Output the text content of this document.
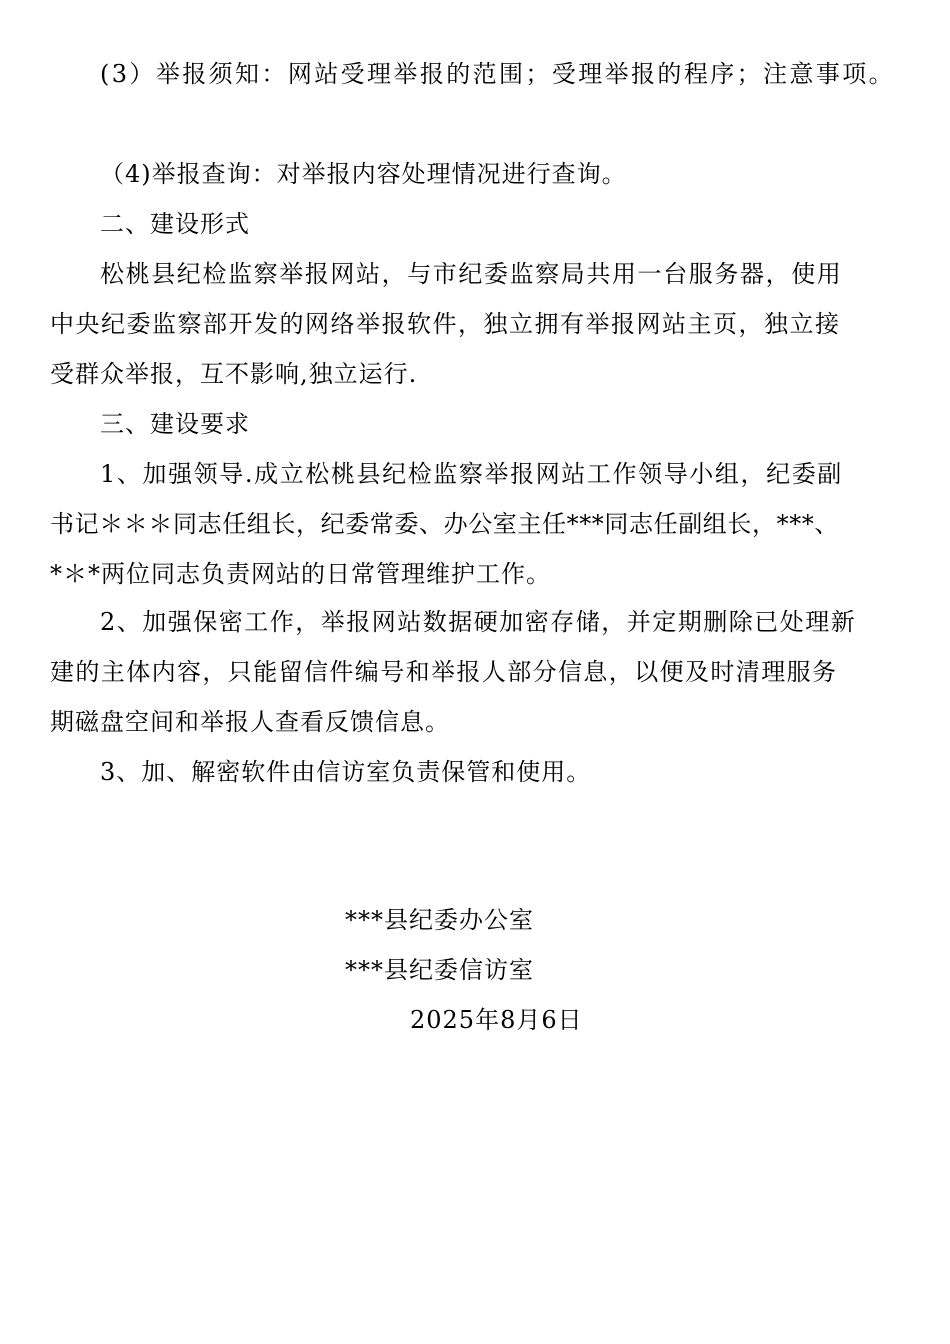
(3）举报须知：网站受理举报的范围；受理举报的程序；注意事项。
（4)举报查询：对举报内容处理情况进行查询。
二、建设形式
松桃县纪检监察举报网站，与市纪委监察局共用一台服务器，使用
中央纪委监察部开发的网络举报软件，独立拥有举报网站主页，独立接
受群众举报，互不影响,独立运行.
三、建设要求
1、加强领导.成立松桃县纪检监察举报网站工作领导小组，纪委副
书记＊＊＊同志任组长，纪委常委、办公室主任***同志任副组长，***、
*＊*两位同志负责网站的日常管理维护工作。
2、加强保密工作，举报网站数据硬加密存储，并定期删除已处理新
建的主体内容，只能留信件编号和举报人部分信息，以便及时清理服务
期磁盘空间和举报人查看反馈信息。
3、加、解密软件由信访室负责保管和使用。
***县纪委办公室
***县纪委信访室
2025年8月6日
